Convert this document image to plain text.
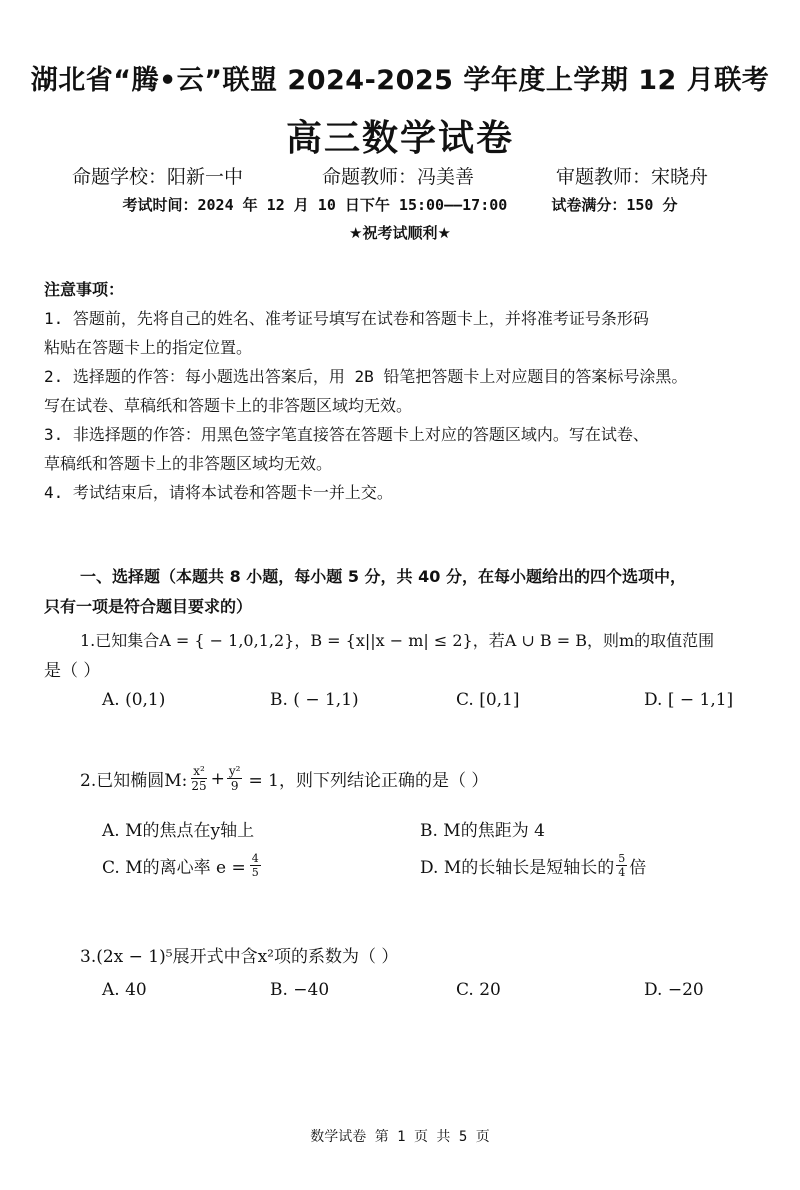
湖北省“腾•云”联盟 2024-2025 学年度上学期 12 月联考
高三数学试卷
命题学校：阳新一中	命题教师：冯美善	审题教师：宋晓舟
考试时间：2024 年 12 月 10 日下午 15:00——17:00	试卷满分：150 分
★祝考试顺利★
注意事项：
1. 答题前，先将自己的姓名、准考证号填写在试卷和答题卡上，并将准考证号条形码
粘贴在答题卡上的指定位置。
2. 选择题的作答：每小题选出答案后，用 2B 铅笔把答题卡上对应题目的答案标号涂黑。
写在试卷、草稿纸和答题卡上的非答题区域均无效。
3. 非选择题的作答：用黑色签字笔直接答在答题卡上对应的答题区域内。写在试卷、
草稿纸和答题卡上的非答题区域均无效。
4. 考试结束后，请将本试卷和答题卡一并上交。
一、选择题（本题共 8 小题，每小题 5 分，共 40 分，在每小题给出的四个选项中，
只有一项是符合题目要求的）
1.已知集合A = { − 1,0,1,2}，B = {x||x − m| ≤ 2}，若A ∪ B = B，则m的取值范围
是（ ）
A. (0,1)	B. ( − 1,1)	C. [0,1]	D. [ − 1,1]
2.已知椭圆M: $\frac{\text{x²}}{25} + \frac{\text{y²}}{9} = 1$，则下列结论正确的是（ ）
A. M的焦点在y轴上	B. M的焦距为 4
C. M的离心率 $e = \frac{4}{5}$	D. M的长轴长是短轴长的 $\frac{5}{4}$ 倍
3.(2x − 1)⁵展开式中含x²项的系数为（ ）
A. 40	B. −40	C. 20	D. −20
数学试卷 第 1 页 共 5 页
